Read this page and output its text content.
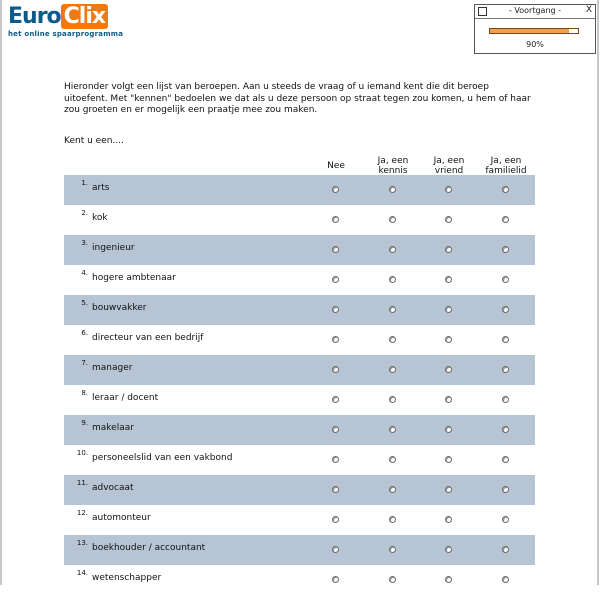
Euro Clix
het online spaarprogramma
- Voortgang -	X
90%
Hieronder volgt een lijst van beroepen. Aan u steeds de vraag of u iemand kent die dit beroep uitoefent. Met "kennen" bedoelen we dat als u deze persoon op straat tegen zou komen, u hem of haar zou groeten en er mogelijk een praatje mee zou maken.
Kent u een....
Nee	Ja, een kennis
Ja, een vriend
Ja, een familielid
1. arts
2. kok
3. ingenieur
4. hogere ambtenaar
5. bouwvakker
6. directeur van een bedrijf
7. manager
8. leraar / docent
9. makelaar
10. personeelslid van een vakbond
11. advocaat
12. automonteur
13. boekhouder / accountant
14. wetenschapper
